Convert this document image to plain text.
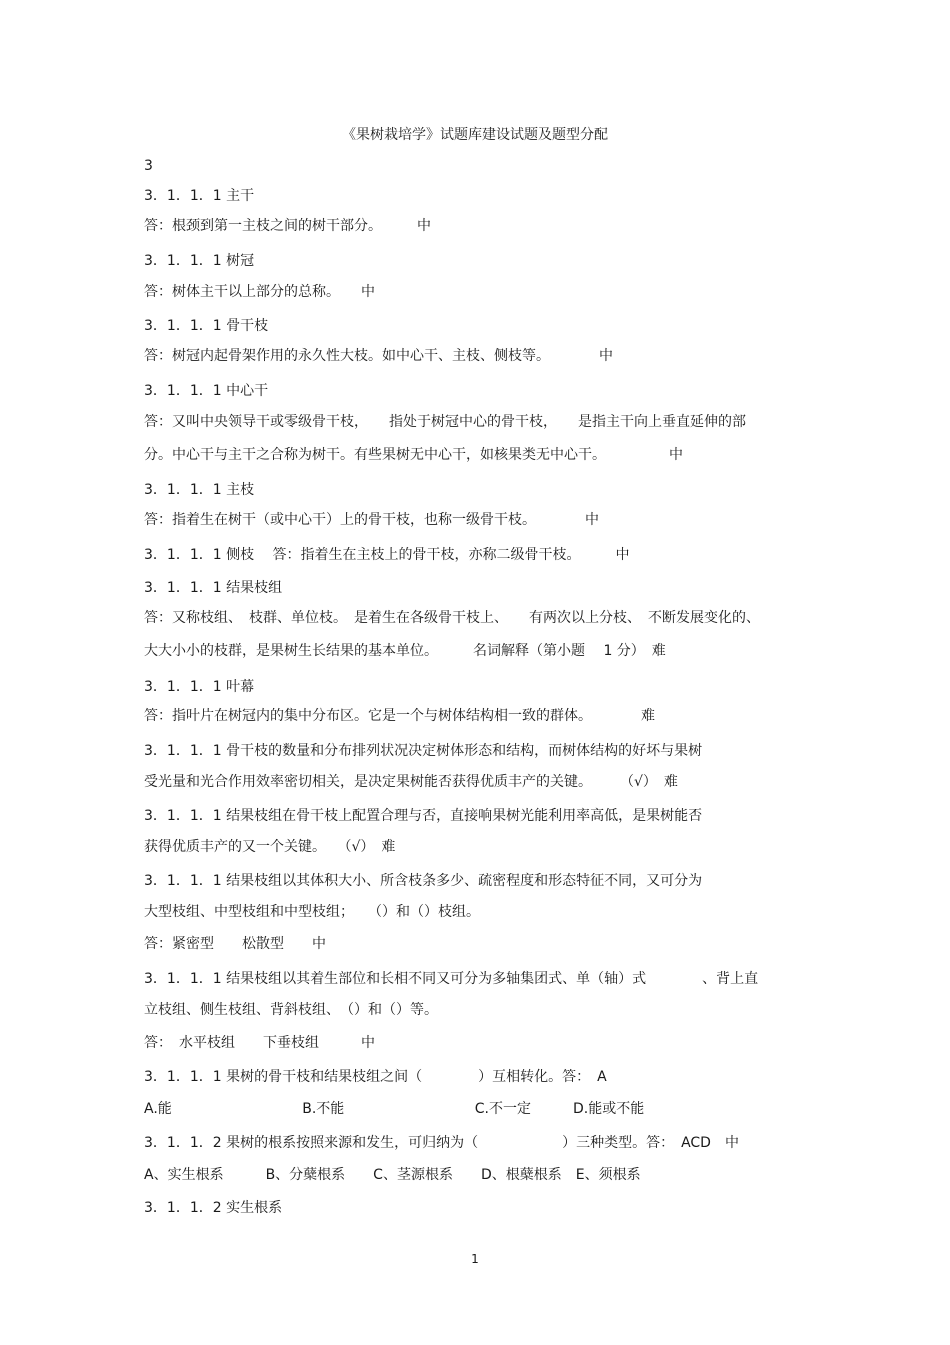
《果树栽培学》试题库建设试题及题型分配
3
3．1．1．1 主干
答：根颈到第一主枝之间的树干部分。　　　中
3．1．1．1 树冠
答：树体主干以上部分的总称。　　中
3．1．1．1 骨干枝
答：树冠内起骨架作用的永久性大枝。如中心干、主枝、侧枝等。　　　　中
3．1．1．1 中心干
答：又叫中央领导干或零级骨干枝，　　指处于树冠中心的骨干枝，　　是指主干向上垂直延伸的部
分。中心干与主干之合称为树干。有些果树无中心干，如核果类无中心干。　　　　　中
3．1．1．1 主枝
答：指着生在树干（或中心干）上的骨干枝，也称一级骨干枝。　　　　中
3．1．1．1 侧枝　 答：指着生在主枝上的骨干枝，亦称二级骨干枝。　　　中
3．1．1．1 结果枝组
答：又称枝组、　枝群、单位枝。　是着生在各级骨干枝上、　　有两次以上分枝、　不断发展变化的、
大大小小的枝群，是果树生长结果的基本单位。　　　名词解释（第小题　 1 分）　难
3．1．1．1 叶幕
答：指叶片在树冠内的集中分布区。它是一个与树体结构相一致的群体。　　　　难
3．1．1．1 骨干枝的数量和分布排列状况决定树体形态和结构，而树体结构的好坏与果树
受光量和光合作用效率密切相关，是决定果树能否获得优质丰产的关键。　　　（√）　难
3．1．1．1 结果枝组在骨干枝上配置合理与否，直接响果树光能利用率高低，是果树能否
获得优质丰产的又一个关键。　 （√）　难
3．1．1．1 结果枝组以其体积大小、所含枝条多少、疏密程度和形态特征不同，又可分为
大型枝组、中型枝组和中型枝组；　　（）和（）枝组。
答：紧密型　　松散型　　中
3．1．1．1 结果枝组以其着生部位和长相不同又可分为多轴集团式、单（轴）式　　　　、背上直
立枝组、侧生枝组、背斜枝组、　（）和（）等。
答：　水平枝组　　下垂枝组　　　中
3．1．1．1 果树的骨干枝和结果枝组之间（　　　　）互相转化。答：　A
A.能　　　　　　　　　 B.不能　　　　　　　　　 C.不一定　　　D.能或不能
3．1．1．2 果树的根系按照来源和发生，可归纳为（　　　　　　）三种类型。答：　ACD　中
A、实生根系　　　B、分蘖根系　　C、茎源根系　　D、根蘖根系　E、须根系
3．1．1．2 实生根系
1
